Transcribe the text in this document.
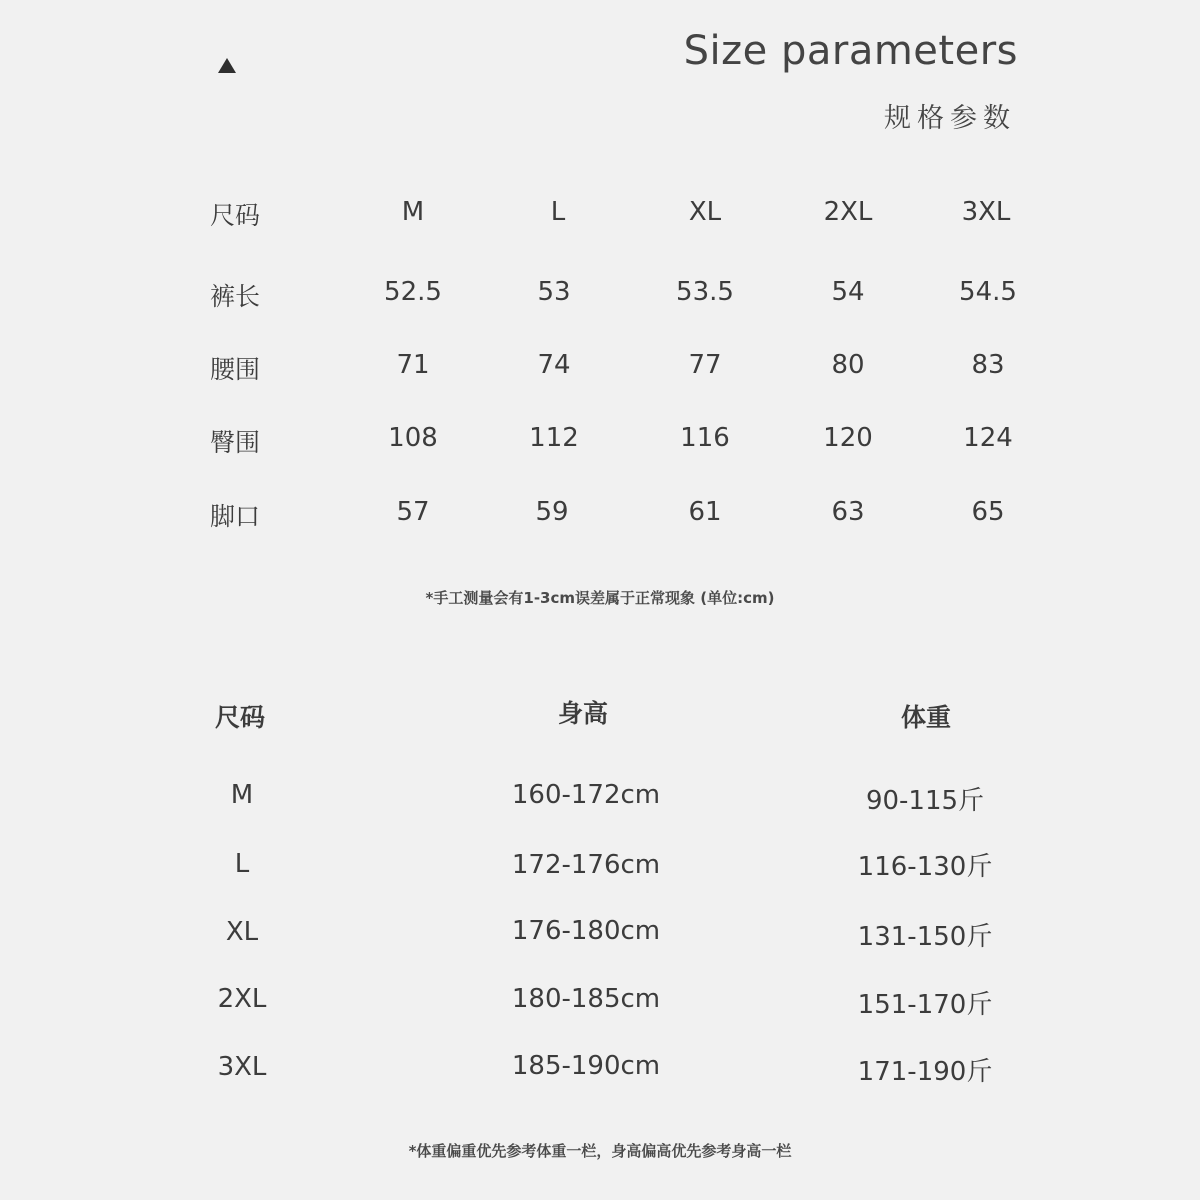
Size parameters
规格参数
尺码	M	L	XL	2XL	3XL
裤长	52.5	53	53.5	54	54.5
腰围	71	74	77	80	83
臀围	108	112	116	120	124
脚口	57	59	61	63	65
*手工测量会有1-3cm误差属于正常现象 (单位:cm)
尺码	身高	体重
M	160-172cm	90-115斤
L	172-176cm	116-130斤
XL	176-180cm	131-150斤
2XL	180-185cm	151-170斤
3XL	185-190cm	171-190斤
*体重偏重优先参考体重一栏，身高偏高优先参考身高一栏
